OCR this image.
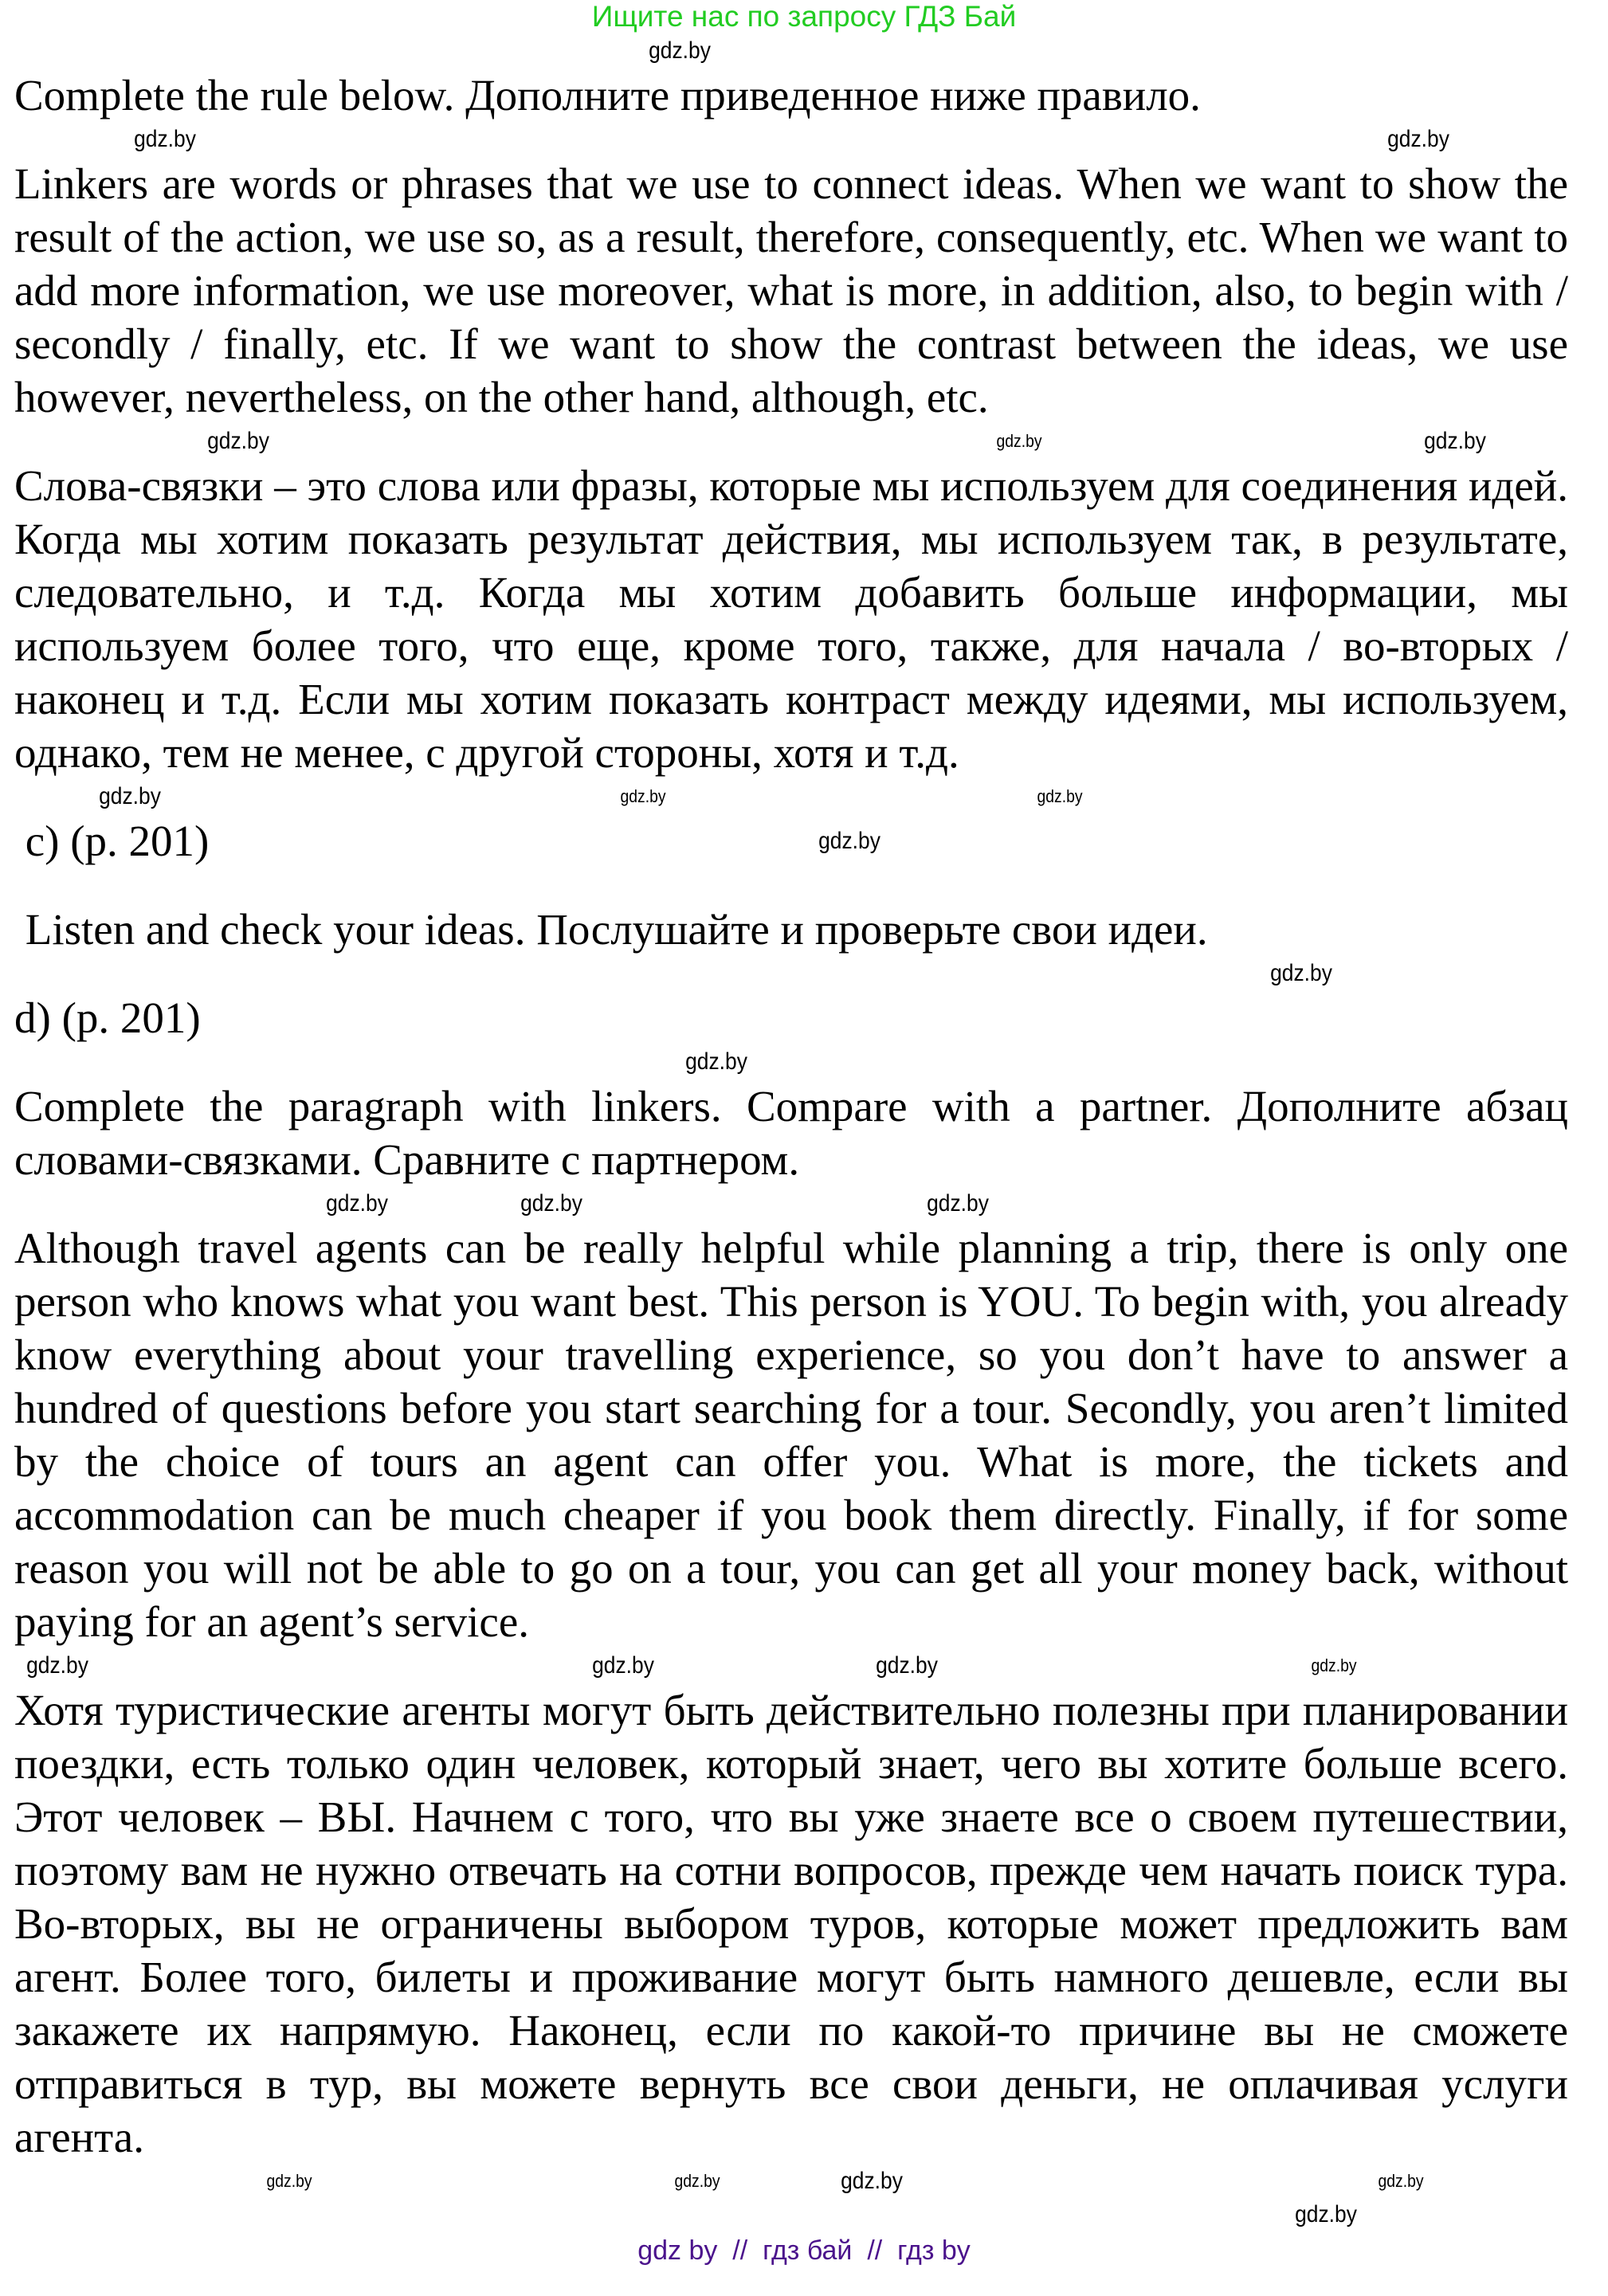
Ищите нас по запросу ГДЗ Бай
gdz.by
Complete the rule below. Дополните приведенное ниже правило.
gdz.by
gdz.by
Linkers are words or phrases that we use to connect ideas. When we want to show the result of the action, we use so, as a result, therefore, consequently, etc. When we want to add more information, we use moreover, what is more, in addition, also, to begin with / secondly / finally, etc. If we want to show the contrast between the ideas, we use however, nevertheless, on the other hand, although, etc.
gdz.by
gdz.by	gdz.by
Слова-связки – это слова или фразы, которые мы используем для соединения идей. Когда мы хотим показать результат действия, мы используем так, в результате, следовательно, и т.д. Когда мы хотим добавить больше информации, мы используем более того, что еще, кроме того, также, для начала / во-вторых / наконец и т.д. Если мы хотим показать контраст между идеями, мы используем, однако, тем не менее, с другой стороны, хотя и т.д.
gdz.by	gdz.by
gdz.by
c) (p. 201)	gdz.by
Listen and check your ideas. Послушайте и проверьте свои идеи.
gdz.by
d) (p. 201)
gdz.by
Complete the paragraph with linkers. Compare with a partner. Дополните абзац словами-связками. Сравните с партнером.
gdz.by
gdz.by
gdz.by
Although travel agents can be really helpful while planning a trip, there is only one person who knows what you want best. This person is YOU. To begin with, you already know everything about your travelling experience, so you don’t have to answer a hundred of questions before you start searching for a tour. Secondly, you aren’t limited by the choice of tours an agent can offer you. What is more, the tickets and accommodation can be much cheaper if you book them directly. Finally, if for some reason you will not be able to go on a tour, you can get all your money back, without paying for an agent’s service.
gdz.by
gdz.by
gdz.by	gdz.by
Хотя туристические агенты могут быть действительно полезны при планировании поездки, есть только один человек, который знает, чего вы хотите больше всего. Этот человек – ВЫ. Начнем с того, что вы уже знаете все о своем путешествии, поэтому вам не нужно отвечать на сотни вопросов, прежде чем начать поиск тура. Во-вторых, вы не ограничены выбором туров, которые может предложить вам агент. Более того, билеты и проживание могут быть намного дешевле, если вы закажете их напрямую. Наконец, если по какой-то причине вы не сможете отправиться в тур, вы можете вернуть все свои деньги, не оплачивая услуги агента.
gdz.by
gdz.by	gdz.by	gdz.by
gdz.by
gdz by  //  гдз бай  //  гдз by
